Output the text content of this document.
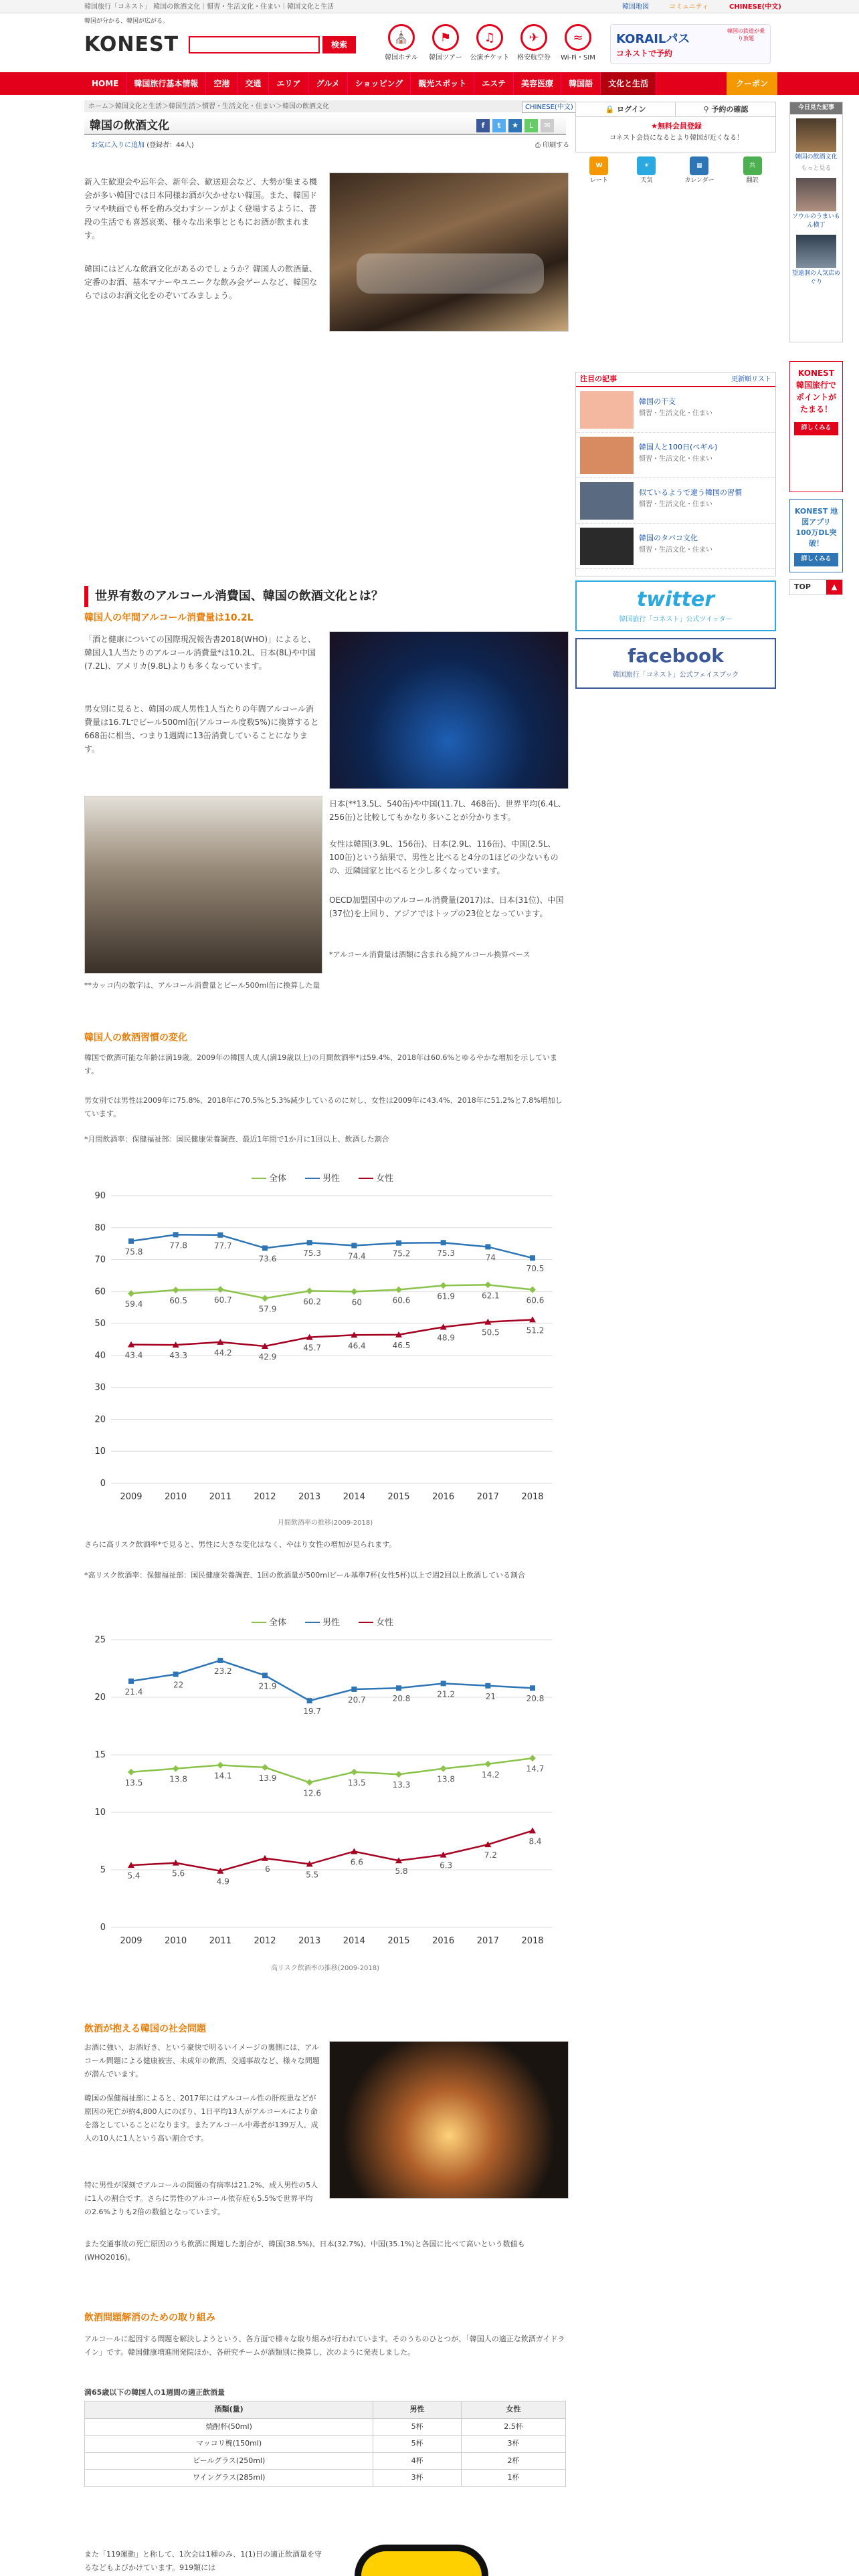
韓国旅行「コネスト」 韓国の飲酒文化｜慣習・生活文化・住まい｜韓国文化と生活	韓国地図	コミュニティ	CHINESE(中文)
韓国が分かる、韓国が広がる。
KONEST	検索
⛪
韓国ホテル
⚑
韓国ツアー
♫
公演チケット
✈
格安航空券
≈
Wi-Fi・SIM
KORAILパス
コネストで予約
韓国の鉄道が乗り放題
HOME	韓国旅行基本情報	空港	交通	エリア	グルメ	ショッピング	観光スポット	エステ	美容医療	韓国語	文化と生活	クーポン
ホーム＞韓国文化と生活＞韓国生活＞慣習・生活文化・住まい＞韓国の飲酒文化	CHINESE(中文)
韓国の飲酒文化	f	t	★	L	✉
お気に入りに追加 (登録者：44人)	⎙ 印刷する
新入生歓迎会や忘年会、新年会、歓送迎会など、大勢が集まる機会が多い韓国では日本同様お酒が欠かせない韓国。また、韓国ドラマや映画でも杯を酌み交わすシーンがよく登場するように、普段の生活でも喜怒哀楽、様々な出来事とともにお酒が飲まれます。
韓国にはどんな飲酒文化があるのでしょうか？韓国人の飲酒量、定番のお酒、基本マナーやユニークな飲み会ゲームなど、韓国ならではのお酒文化をのぞいてみましょう。
世界有数のアルコール消費国、韓国の飲酒文化とは？
韓国人の年間アルコール消費量は10.2L
「酒と健康についての国際現況報告書2018(WHO)」によると、韓国人1人当たりのアルコール消費量*は10.2L、日本(8L)や中国(7.2L)、アメリカ(9.8L)よりも多くなっています。
男女別に見ると、韓国の成人男性1人当たりの年間アルコール消費量は16.7Lでビール500ml缶(アルコール度数5%)に換算すると668缶に相当、つまり1週間に13缶消費していることになります。
日本(**13.5L、540缶)や中国(11.7L、468缶)、世界平均(6.4L、256缶)と比較してもかなり多いことが分かります。
女性は韓国(3.9L、156缶)、日本(2.9L、116缶)、中国(2.5L、100缶)という結果で、男性と比べると4分の1ほどの少ないものの、近隣国家と比べると少し多くなっています。
OECD加盟国中のアルコール消費量(2017)は、日本(31位)、中国(37位)を上回り、アジアではトップの23位となっています。
*アルコール消費量は酒類に含まれる純アルコール換算ベース
**カッコ内の数字は、アルコール消費量とビール500ml缶に換算した量
韓国人の飲酒習慣の変化
韓国で飲酒可能な年齢は満19歳。2009年の韓国人成人(満19歳以上)の月間飲酒率*は59.4%、2018年は60.6%とゆるやかな増加を示しています。
男女別では男性は2009年に75.8%、2018年に70.5%と5.3%減少しているのに対し、女性は2009年に43.4%、2018年に51.2%と7.8%増加しています。
*月間飲酒率：保健福祉部：国民健康栄養調査、最近1年間で1か月に1回以上、飲酒した割合
全体	男性	女性
0
10
20
30
40
50
60
70
80
90
2009	2010	2011	2012	2013	2014	2015	2016	2017	2018
59.4	60.5	60.7
57.9
60.2	60	60.6	61.9	62.1
60.6
75.8
77.8	77.7
73.6
75.3	74.4	75.2	75.3	74
70.5
43.4	43.3	44.2	42.9
45.7	46.4	46.5
48.9
50.5	51.2
月間飲酒率の推移(2009-2018)
さらに高リスク飲酒率*で見ると、男性に大きな変化はなく、やはり女性の増加が見られます。
*高リスク飲酒率：保健福祉部：国民健康栄養調査、1回の飲酒量が500mlビール基準7杯(女性5杯)以上で週2回以上飲酒している割合
全体	男性	女性
0
5
10
15
20
25
2009	2010	2011	2012	2013	2014	2015	2016	2017	2018
13.5	13.8	14.1	13.9
12.6
13.5	13.3
13.8	14.2
14.7
21.4
22
23.2
21.9
19.7
20.7	20.8	21.2	21	20.8
5.4	5.6
4.9
6
5.5
6.6
5.8
6.3
7.2
8.4
高リスク飲酒率の推移(2009-2018)
飲酒が抱える韓国の社会問題
お酒に強い、お酒好き、という豪快で明るいイメージの裏側には、アルコール問題による健康被害、未成年の飲酒、交通事故など、様々な問題が潜んでいます。
韓国の保健福祉部によると、2017年にはアルコール性の肝疾患などが原因の死亡が約4,800人にのぼり、1日平均13人がアルコールにより命を落としていることになります。またアルコール中毒者が139万人、成人の10人に1人という高い割合です。
特に男性が深刻でアルコールの問題の有病率は21.2%、成人男性の5人に1人の割合です。さらに男性のアルコール依存症も5.5%で世界平均の2.6%よりも2倍の数値となっています。
また交通事故の死亡原因のうち飲酒に関連した割合が、韓国(38.5%)、日本(32.7%)、中国(35.1%)と各国に比べて高いという数値も(WHO2016)。
飲酒問題解消のための取り組み
アルコールに起因する問題を解決しようという、各方面で様々な取り組みが行われています。そのうちのひとつが、「韓国人の適正な飲酒ガイドライン」です。韓国健康増進開発院ほか、各研究チームが酒類別に換算し、次のように発表しました。
満65歳以下の韓国人の1週間の適正飲酒量
酒類(量)	男性	女性
焼酎杯(50ml)	5杯	2.5杯
マッコリ椀(150ml)	5杯	3杯
ビールグラス(250ml)	4杯	2杯
ワイングラス(285ml)	3杯	1杯
また「119運動」と称して、1次会は1種のみ、1(1)日の適正飲酒量を守るなどもよびかけています。919類には
🔒 ログイン	⚲ 予約の確認
★無料会員登録
コネスト会員になるとより韓国が近くなる！
W
レート
☀
天気
▦
カレンダー
共
翻訳
注目の記事	更新順リスト
韓国の干支
慣習・生活文化・住まい
韓国人と100日(ペギル)
慣習・生活文化・住まい
似ているようで違う韓国の習慣
慣習・生活文化・住まい
韓国のタバコ文化
慣習・生活文化・住まい
twitter
韓国旅行「コネスト」公式ツイッター
facebook
韓国旅行「コネスト」公式フェイスブック
今日見た記事
韓国の飲酒文化
もっと見る
ソウルのうまいもん横丁
望遠洞の人気店めぐり
KONEST 韓国旅行でポイントがたまる！
詳しくみる
KONEST 地図アプリ 100万DL突破！
詳しくみる
TOP	▲
